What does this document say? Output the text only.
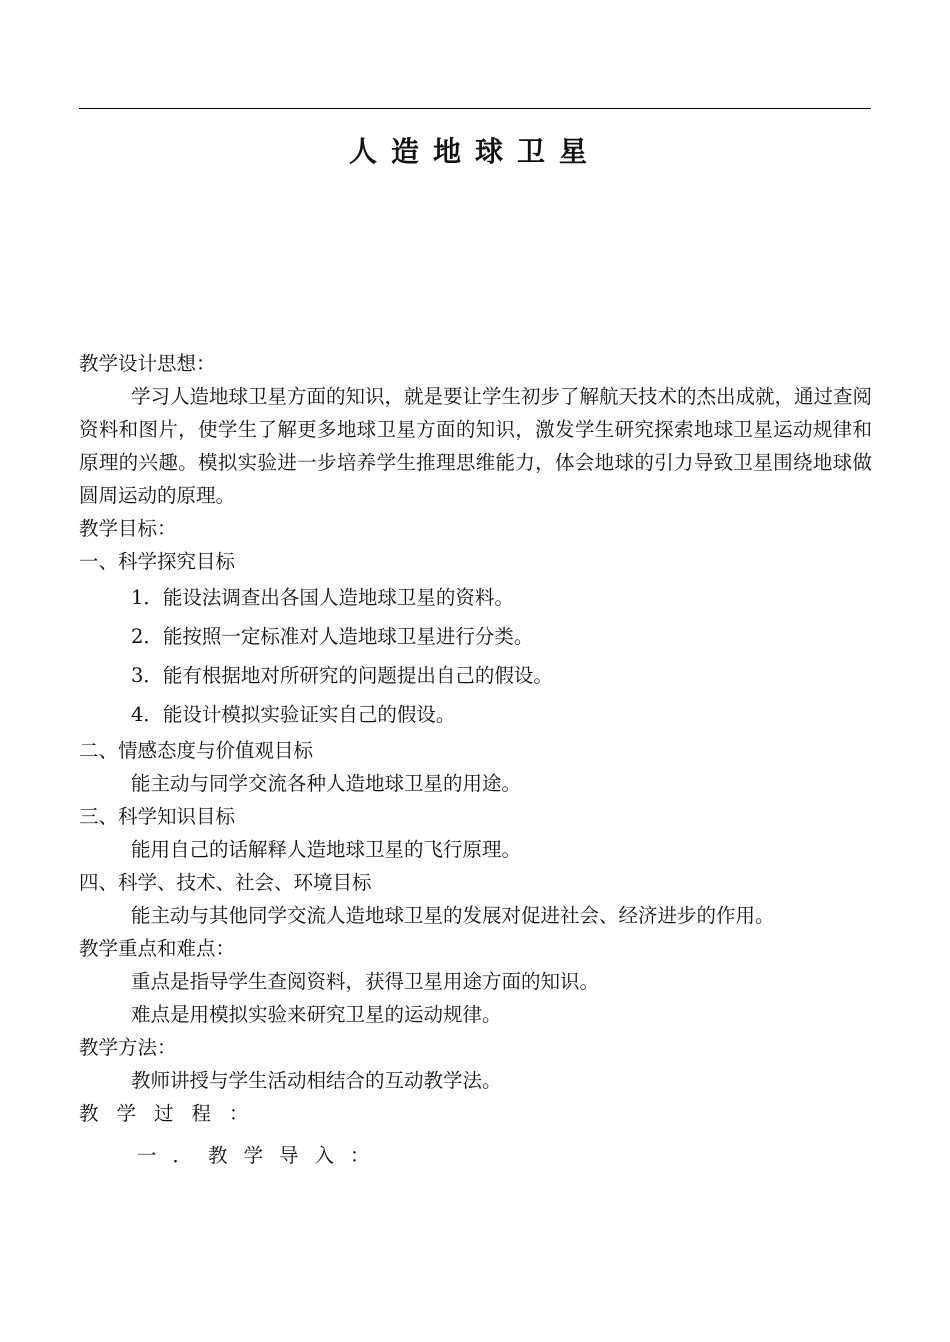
人造地球卫星

教学设计思想：

学习人造地球卫星方面的知识，就是要让学生初步了解航天技术的杰出成就，通过查阅资料和图片，使学生了解更多地球卫星方面的知识，激发学生研究探索地球卫星运动规律和原理的兴趣。模拟实验进一步培养学生推理思维能力，体会地球的引力导致卫星围绕地球做圆周运动的原理。

教学目标：

一、科学探究目标

1．能设法调查出各国人造地球卫星的资料。

2．能按照一定标准对人造地球卫星进行分类。

3．能有根据地对所研究的问题提出自己的假设。

4．能设计模拟实验证实自己的假设。

二、情感态度与价值观目标

能主动与同学交流各种人造地球卫星的用途。

三、科学知识目标

能用自己的话解释人造地球卫星的飞行原理。

四、科学、技术、社会、环境目标

能主动与其他同学交流人造地球卫星的发展对促进社会、经济进步的作用。

教学重点和难点：

重点是指导学生查阅资料，获得卫星用途方面的知识。

难点是用模拟实验来研究卫星的运动规律。

教学方法：

教师讲授与学生活动相结合的互动教学法。

教学过程：

一．教学导入：
